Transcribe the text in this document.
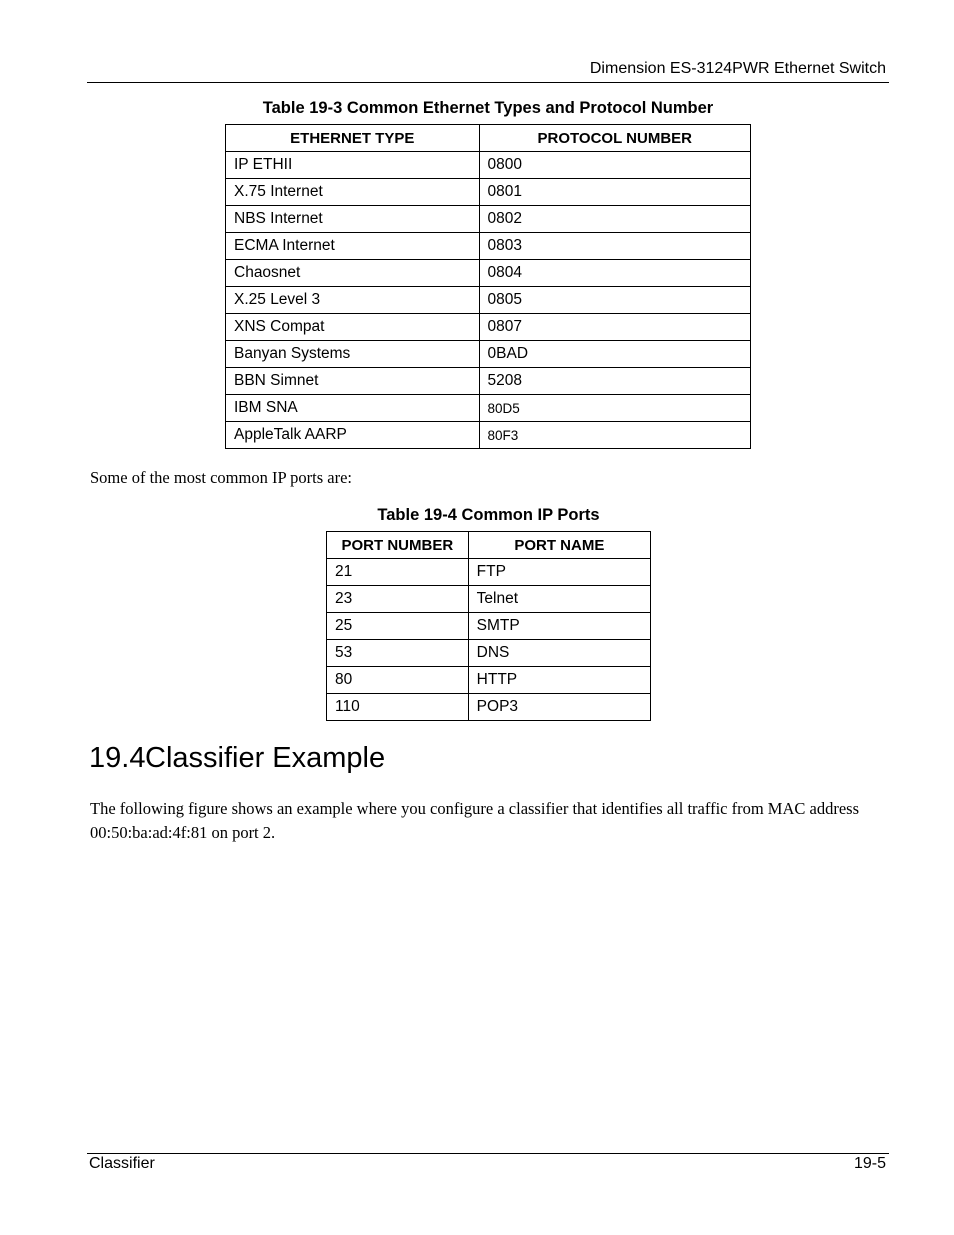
Dimension ES-3124PWR Ethernet Switch
Table 19-3 Common Ethernet Types and Protocol Number
ETHERNET TYPE	PROTOCOL NUMBER
IP ETHII	0800
X.75 Internet	0801
NBS Internet	0802
ECMA Internet	0803
Chaosnet	0804
X.25 Level 3	0805
XNS Compat	0807
Banyan Systems	0BAD
BBN Simnet	5208
IBM SNA	80D5
AppleTalk AARP	80F3
Some of the most common IP ports are:
Table 19-4 Common IP Ports
PORT NUMBER	PORT NAME
21	FTP
23	Telnet
25	SMTP
53	DNS
80	HTTP
110	POP3
19.4Classifier Example
The following figure shows an example where you configure a classifier that identifies all traffic from MAC address 00:50:ba:ad:4f:81 on port 2.
Classifier	19-5
